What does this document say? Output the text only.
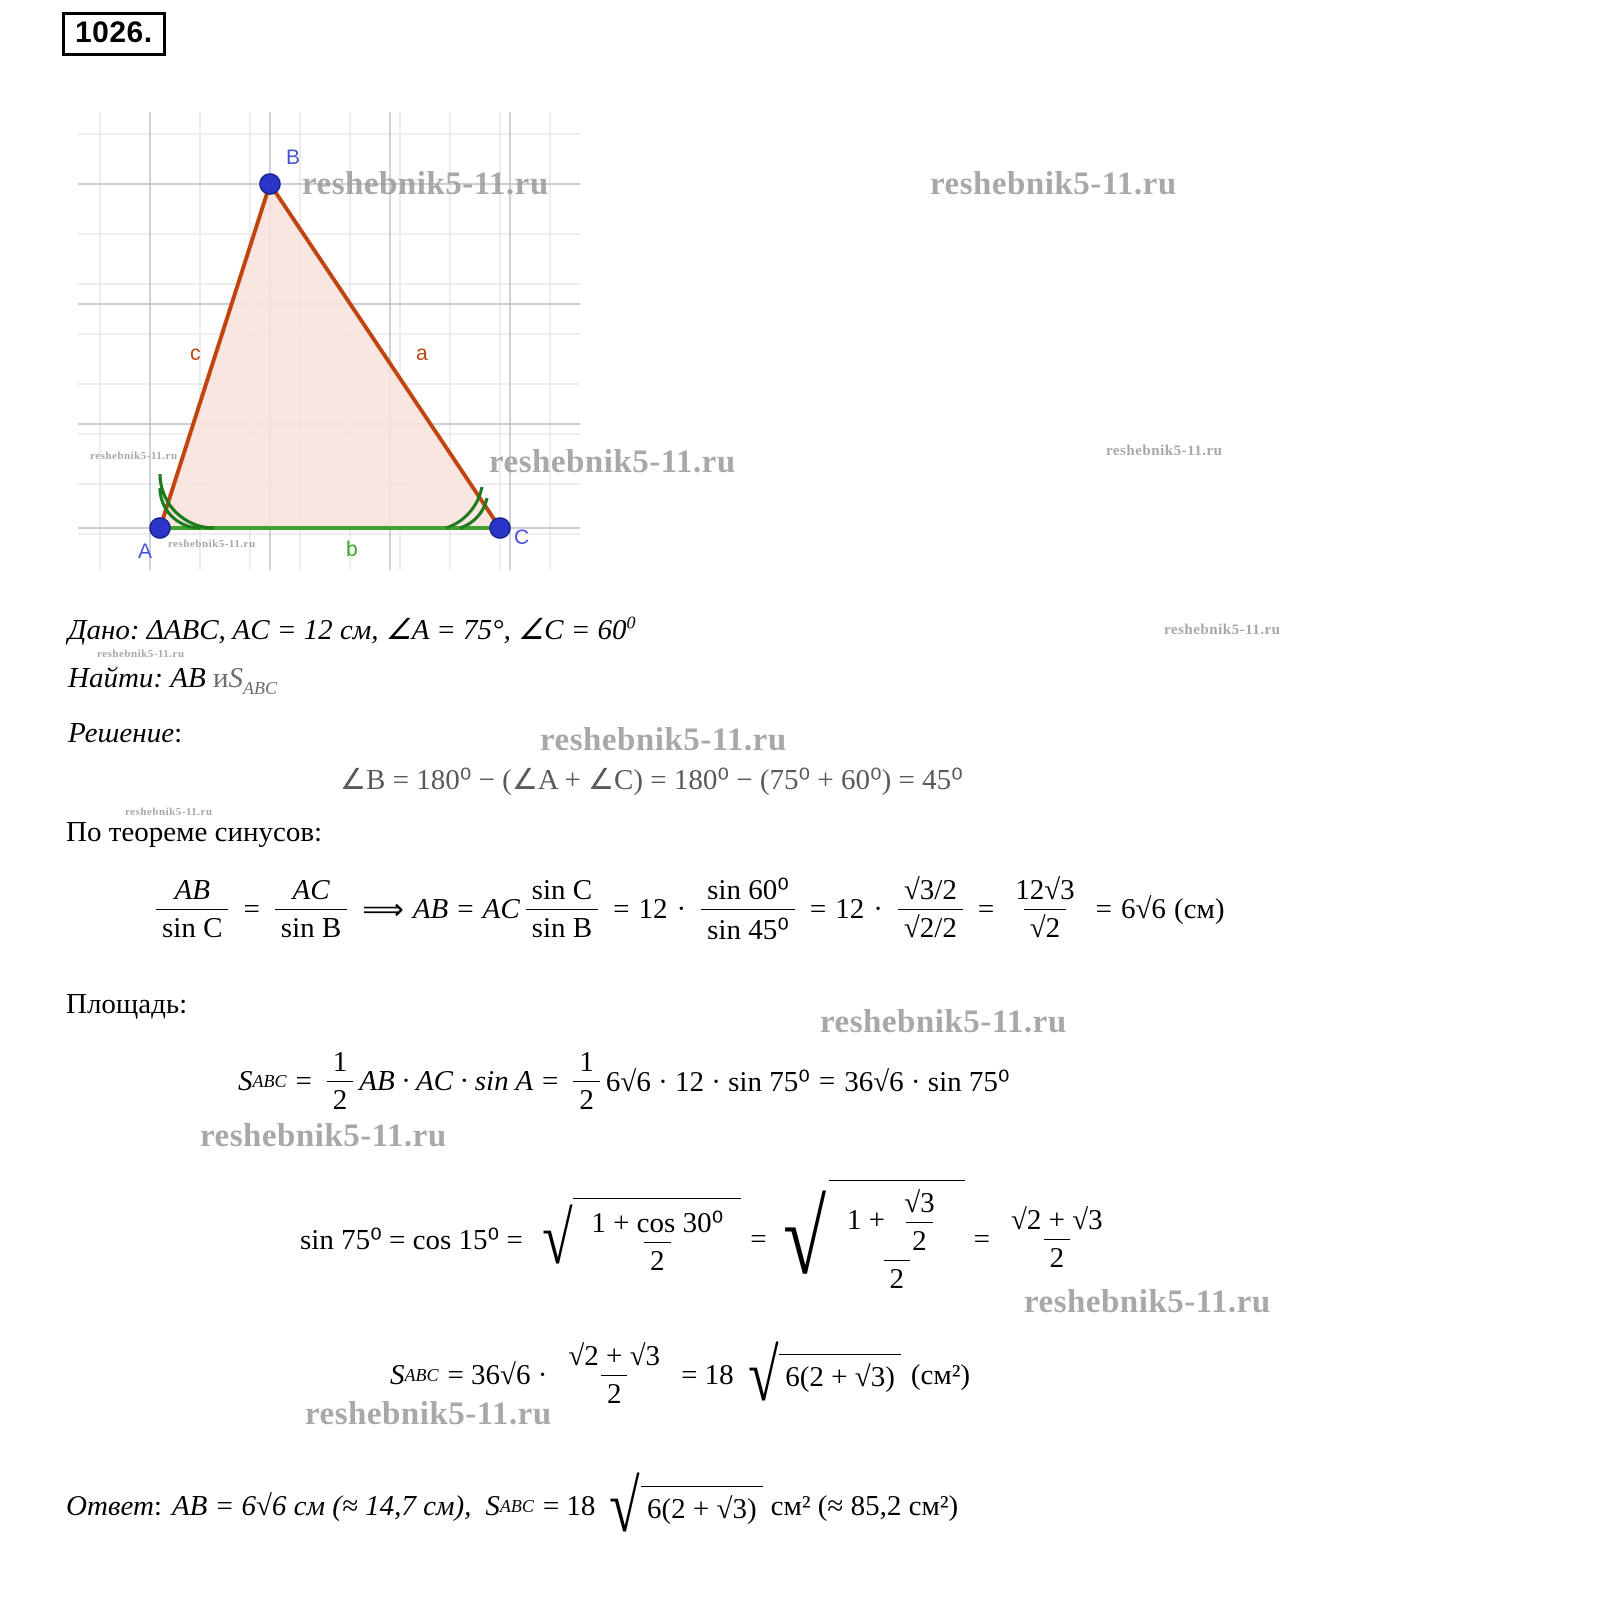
1026.
B
A
C
c	a
b
reshebnik5-11.ru	reshebnik5-11.ru
reshebnik5-11.ru
reshebnik5-11.ru
reshebnik5-11.ru	reshebnik5-11.ru
reshebnik5-11.ru
reshebnik5-11.ru
reshebnik5-11.ru
reshebnik5-11.ru
reshebnik5-11.ru
reshebnik5-11.ru
reshebnik5-11.ru
reshebnik5-11.ru
Дано: ΔABC, AC = 12 см, ∠A = 75°, ∠C = $60^0$
Найти: AB $иS_{ABC}$
Решение:
∠B = 180⁰ − (∠A + ∠C) = 180⁰ − (75⁰ + 60⁰) = 45⁰
По теореме синусов:
$\frac{AB}{\text{sin C}} = \frac{AC}{\text{sin B}}$ ⟹ AB = AC $\frac{\text{sin C}}{\text{sin B}} = 12 \cdot \frac{\text{sin 60⁰}}{\text{sin 45⁰}} = 12 \cdot \frac{√3/2}{√2/2} = \frac{12√3}{√2} = 6√6$ (см)
Площадь:
S ABC = $\frac{1}{2}$ AB · AC · $\sin A = \frac{1}{2} 6√6 \cdot 12 \cdot \sin 75^0 = 36√6 \cdot \sin 75^0$
sin 75⁰ = cos 15⁰ = √ $\frac{\text{1 + cos 30⁰}}{2}$ = √ $\frac{1 + \frac{√3}{2}}{2} = \frac{√2 + √3}{2}$
S ABC = $36√6 \cdot \frac{√2 + √3}{2} = 18$ √ 6(2 + √3) (см²)
Ответ : AB = 6√6 см (≈ 14,7 см), S ABC = 18 √ 6(2 + √3) см² (≈ 85,2 см²)
